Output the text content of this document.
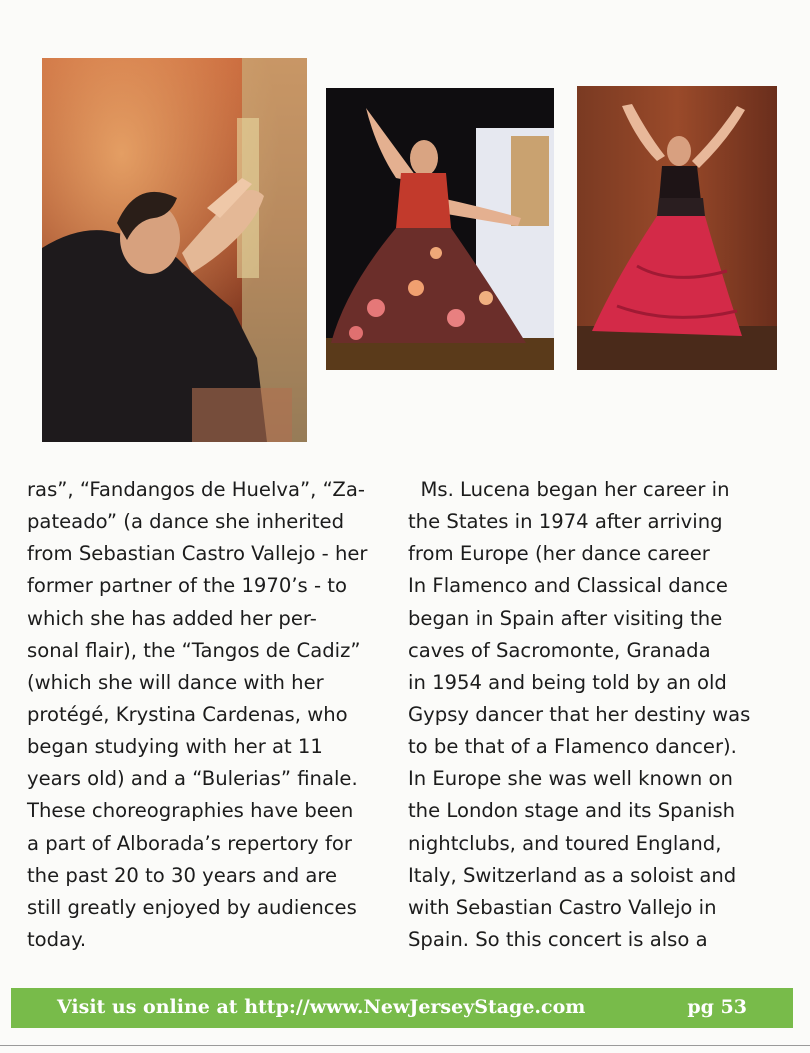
ras”, “Fandangos de Huelva”, “Za-
pateado” (a dance she inherited
from Sebastian Castro Vallejo - her
former partner of the 1970’s - to
which she has added her per-
sonal flair), the “Tangos de Cadiz”
(which she will dance with her
protégé, Krystina Cardenas, who
began studying with her at 11
years old) and a “Bulerias” finale.
These choreographies have been
a part of Alborada’s repertory for
the past 20 to 30 years and are
still greatly enjoyed by audiences
today.
Ms. Lucena began her career in
the States in 1974 after arriving
from Europe (her dance career
In Flamenco and Classical dance
began in Spain after visiting the
caves of Sacromonte, Granada
in 1954 and being told by an old
Gypsy dancer that her destiny was
to be that of a Flamenco dancer).
In Europe she was well known on
the London stage and its Spanish
nightclubs, and toured England,
Italy, Switzerland as a soloist and
with Sebastian Castro Vallejo in
Spain. So this concert is also a
Visit us online at http://www.NewJerseyStage.com	pg 53
